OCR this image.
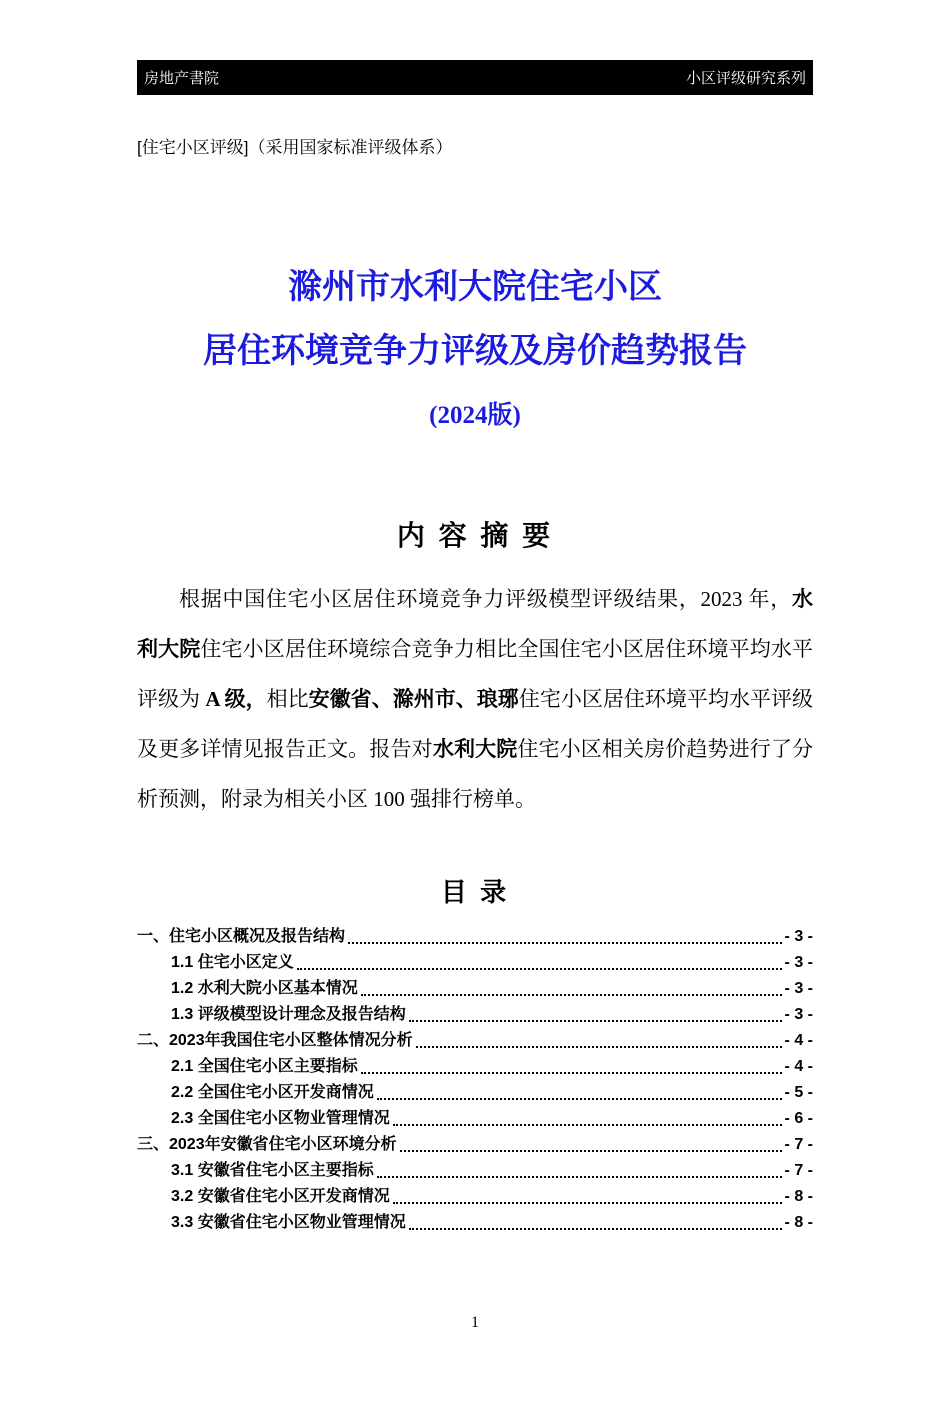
房地产書院	小区评级研究系列
[住宅小区评级]（采用国家标准评级体系）
滁州市水利大院住宅小区
居住环境竞争力评级及房价趋势报告
(2024版)
内 容 摘 要

根据中国住宅小区居住环境竞争力评级模型评级结果，2023 年，水利大院住宅小区居住环境综合竞争力相比全国住宅小区居住环境平均水平评级为 A 级，相比安徽省、滁州市、琅琊住宅小区居住环境平均水平评级及更多详情见报告正文。报告对水利大院住宅小区相关房价趋势进行了分析预测，附录为相关小区 100 强排行榜单。

目 录
一、住宅小区概况及报告结构	- 3 -
1.1 住宅小区定义	- 3 -
1.2 水利大院小区基本情况	- 3 -
1.3 评级模型设计理念及报告结构	- 3 -
二、2023年我国住宅小区整体情况分析	- 4 -
2.1 全国住宅小区主要指标	- 4 -
2.2 全国住宅小区开发商情况	- 5 -
2.3 全国住宅小区物业管理情况	- 6 -
三、2023年安徽省住宅小区环境分析	- 7 -
3.1 安徽省住宅小区主要指标	- 7 -
3.2 安徽省住宅小区开发商情况	- 8 -
3.3 安徽省住宅小区物业管理情况	- 8 -
1
